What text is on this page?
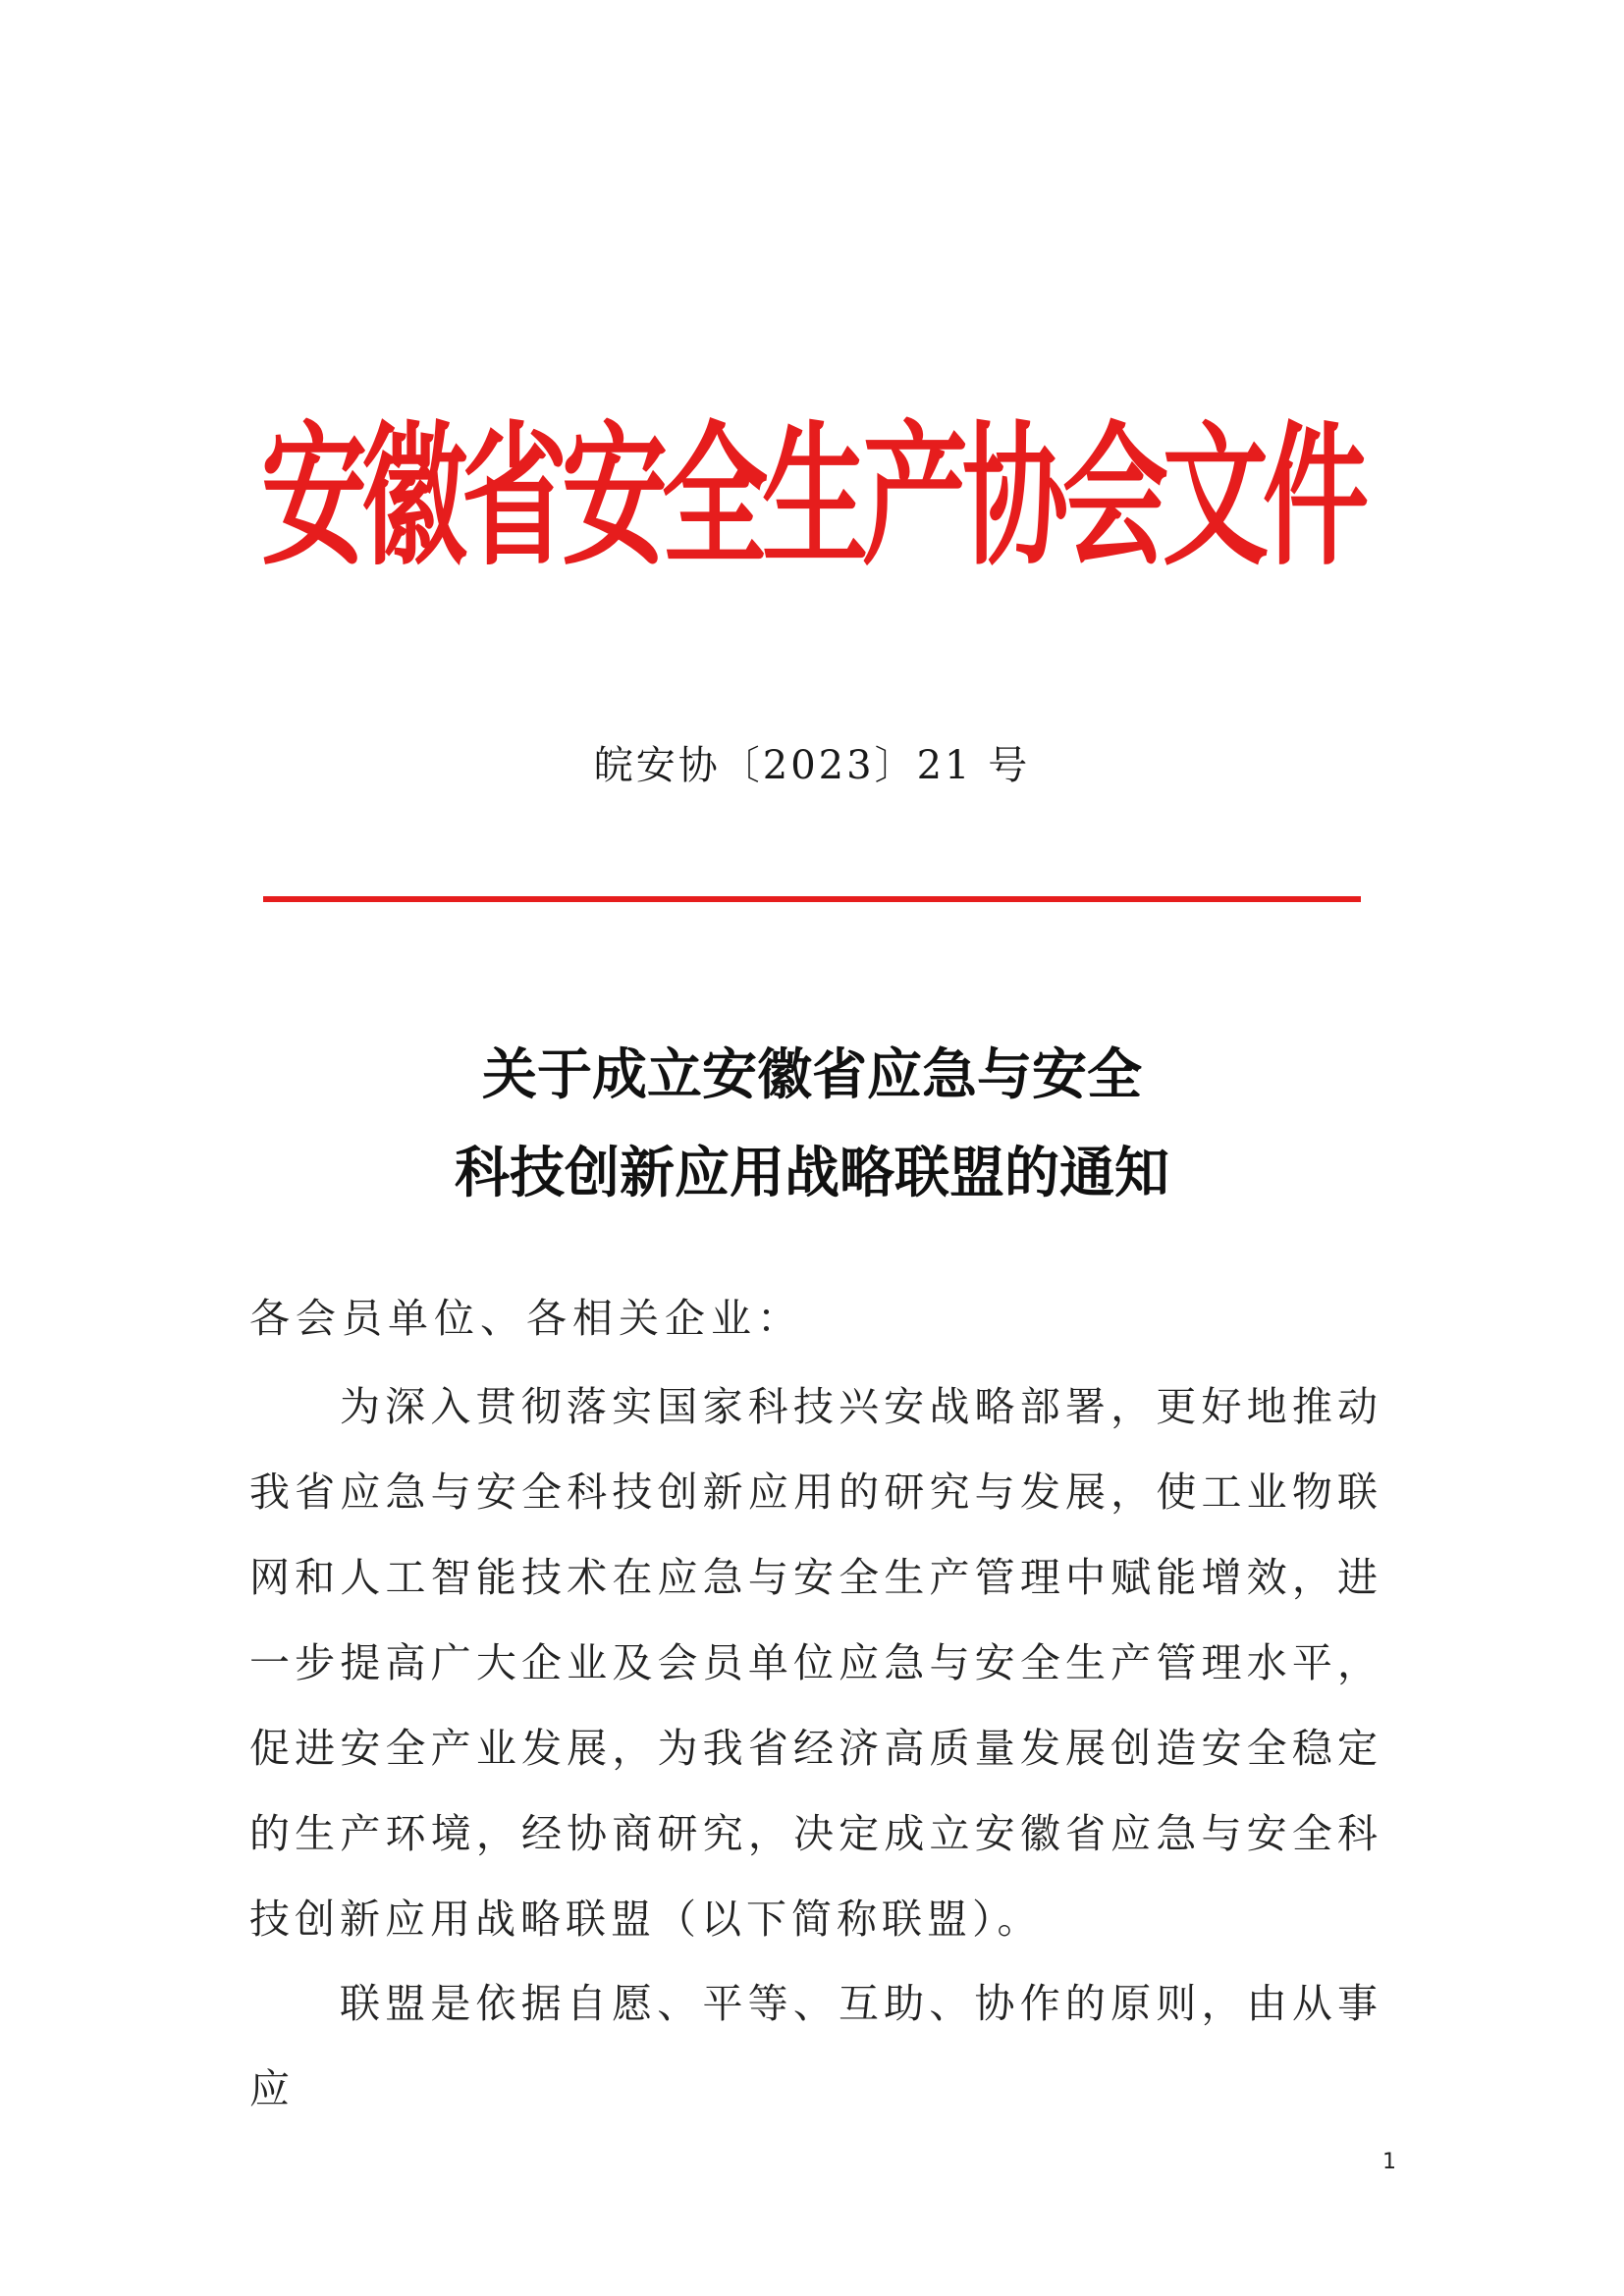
安徽省安全生产协会文件
皖安协〔2023〕21 号
关于成立安徽省应急与安全
科技创新应用战略联盟的通知
各会员单位、各相关企业：
为深入贯彻落实国家科技兴安战略部署，更好地推动我省应急与安全科技创新应用的研究与发展，使工业物联网和人工智能技术在应急与安全生产管理中赋能增效，进一步提高广大企业及会员单位应急与安全生产管理水平，促进安全产业发展，为我省经济高质量发展创造安全稳定的生产环境，经协商研究，决定成立安徽省应急与安全科技创新应用战略联盟（以下简称联盟）。
联盟是依据自愿、平等、互助、协作的原则，由从事应
1
